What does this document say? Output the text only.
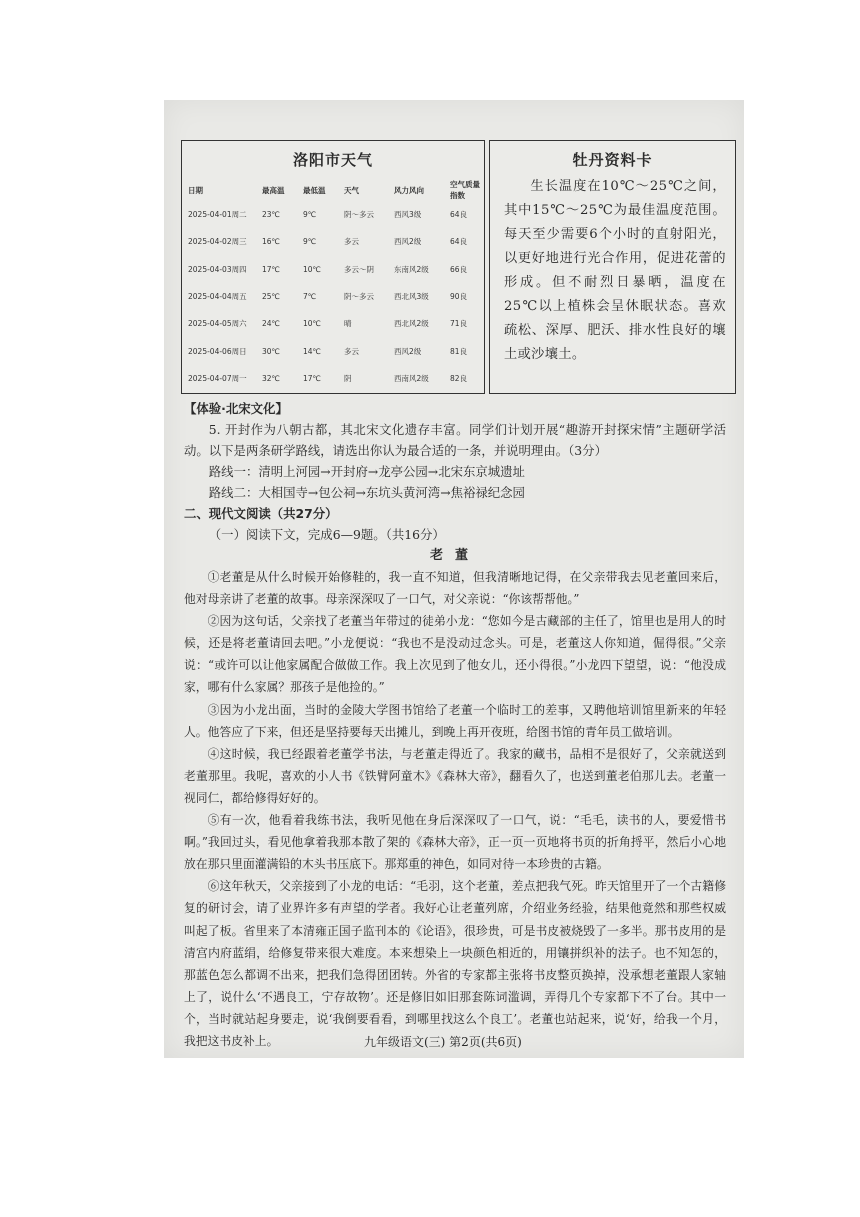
洛阳市天气
日期	最高温	最低温	天气	风力风向	空气质量指数
2025-04-01周二	23℃	9℃	阴～多云	西风3级	64良
2025-04-02周三	16℃	9℃	多云	西风2级	64良
2025-04-03周四	17℃	10℃	多云～阴	东南风2级	66良
2025-04-04周五	25℃	7℃	阴～多云	西北风3级	90良
2025-04-05周六	24℃	10℃	晴	西北风2级	71良
2025-04-06周日	30℃	14℃	多云	西风2级	81良
2025-04-07周一	32℃	17℃	阴	西南风2级	82良
牡丹资料卡
生长温度在10℃～25℃之间，其中15℃～25℃为最佳温度范围。每天至少需要6个小时的直射阳光，以更好地进行光合作用，促进花蕾的形成。但不耐烈日暴晒，温度在25℃以上植株会呈休眠状态。喜欢疏松、深厚、肥沃、排水性良好的壤土或沙壤土。

【体验·北宋文化】

5. 开封作为八朝古都，其北宋文化遗存丰富。同学们计划开展“趣游开封探宋情”主题研学活动。以下是两条研学路线，请选出你认为最合适的一条，并说明理由。（3分）

路线一：清明上河园→开封府→龙亭公园→北宋东京城遗址

路线二：大相国寺→包公祠→东坑头黄河湾→焦裕禄纪念园

二、现代文阅读（共27分）

（一）阅读下文，完成6—9题。（共16分）

老董

①老董是从什么时候开始修鞋的，我一直不知道，但我清晰地记得，在父亲带我去见老董回来后，他对母亲讲了老董的故事。母亲深深叹了一口气，对父亲说：“你该帮帮他。”

②因为这句话，父亲找了老董当年带过的徒弟小龙：“您如今是古藏部的主任了，馆里也是用人的时候，还是将老董请回去吧。”小龙便说：“我也不是没动过念头。可是，老董这人你知道，倔得很。”父亲说：“或许可以让他家属配合做做工作。我上次见到了他女儿，还小得很。”小龙四下望望，说：“他没成家，哪有什么家属？那孩子是他捡的。”

③因为小龙出面，当时的金陵大学图书馆给了老董一个临时工的差事，又聘他培训馆里新来的年轻人。他答应了下来，但还是坚持要每天出摊儿，到晚上再开夜班，给图书馆的青年员工做培训。

④这时候，我已经跟着老董学书法，与老董走得近了。我家的藏书，品相不是很好了，父亲就送到老董那里。我呢，喜欢的小人书《铁臂阿童木》《森林大帝》，翻看久了，也送到董老伯那儿去。老董一视同仁，都给修得好好的。

⑤有一次，他看着我练书法，我听见他在身后深深叹了一口气，说：“毛毛，读书的人，要爱惜书啊。”我回过头，看见他拿着我那本散了架的《森林大帝》，正一页一页地将书页的折角捋平，然后小心地放在那只里面灌满铅的木头书压底下。那郑重的神色，如同对待一本珍贵的古籍。

⑥这年秋天，父亲接到了小龙的电话：“毛羽，这个老董，差点把我气死。昨天馆里开了一个古籍修复的研讨会，请了业界许多有声望的学者。我好心让老董列席，介绍业务经验，结果他竟然和那些权威叫起了板。省里来了本清雍正国子监刊本的《论语》，很珍贵，可是书皮被烧毁了一多半。那书皮用的是清宫内府蓝绢，给修复带来很大难度。本来想染上一块颜色相近的，用镶拼织补的法子。也不知怎的，那蓝色怎么都调不出来，把我们急得团团转。外省的专家都主张将书皮整页换掉，没承想老董跟人家轴上了，说什么‘不遇良工，宁存故物’。还是修旧如旧那套陈词滥调，弄得几个专家都下不了台。其中一个，当时就站起身要走，说‘我倒要看看，到哪里找这么个良工’。老董也站起来，说‘好，给我一个月，我把这书皮补上。	九年级语文(三) 第2页(共6页)
